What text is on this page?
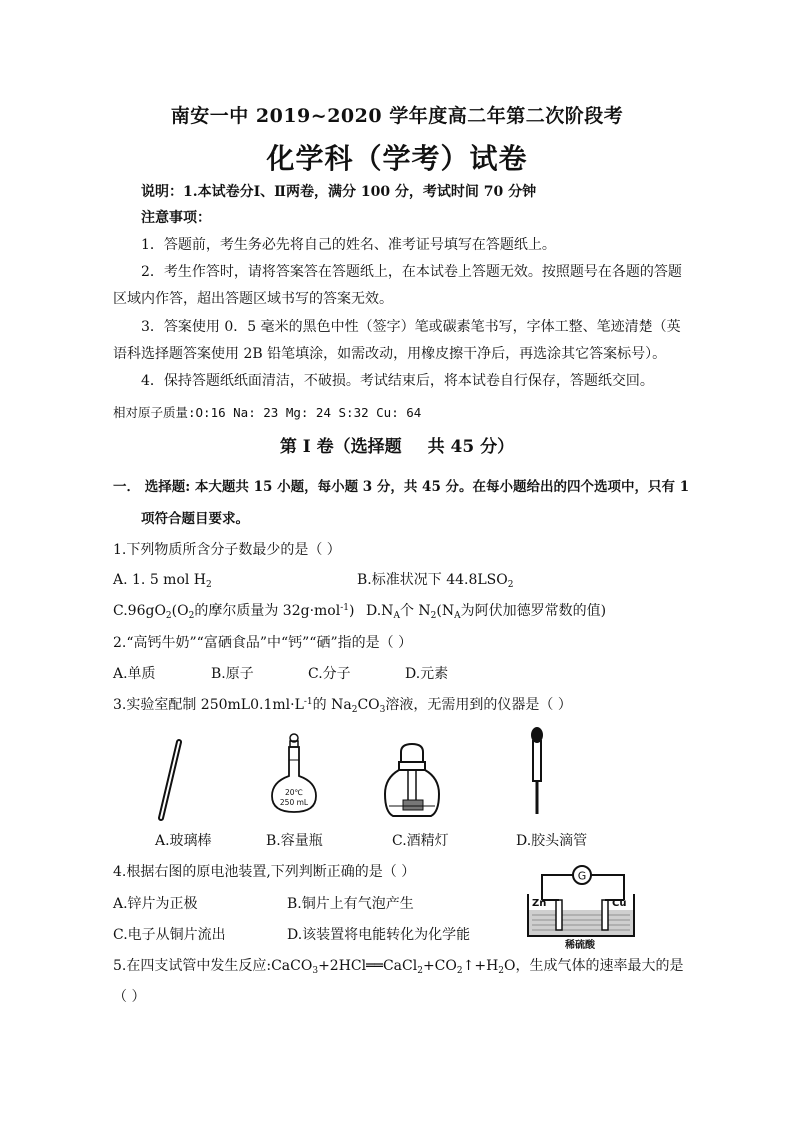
南安一中 2019~2020 学年度高二年第二次阶段考
化学科（学考）试卷
说明：1.本试卷分Ⅰ、Ⅱ两卷，满分 100 分，考试时间 70 分钟
注意事项：
1．答题前，考生务必先将自己的姓名、准考证号填写在答题纸上。
2．考生作答时，请将答案答在答题纸上，在本试卷上答题无效。按照题号在各题的答题
区域内作答，超出答题区域书写的答案无效。
3．答案使用 0．5 毫米的黑色中性（签字）笔或碳素笔书写，字体工整、笔迹清楚（英
语科选择题答案使用 2B 铅笔填涂，如需改动，用橡皮擦干净后，再选涂其它答案标号）。
4．保持答题纸纸面清洁，不破损。考试结束后，将本试卷自行保存，答题纸交回。
相对原子质量:O:16 Na: 23 Mg: 24 S:32 Cu: 64
第 I 卷（选择题 共 45 分）
一． 选择题: 本大题共 15 小题，每小题 3 分，共 45 分。在每小题给出的四个选项中，只有 1
项符合题目要求。
1.下列物质所含分子数最少的是（ ）
A. 1. 5 mol $H_2$	B.标准状况下 $44.8LSO_2$
$C.96gO_2(O_2$的摩尔质量为 32g·mol$^{-1}$) $D.N_A$个 $N_2(N_A$为阿伏加德罗常数的值)
2.“高钙牛奶”“富硒食品”中“钙”“硒”指的是（ ）
A.单质	B.原子	C.分子	D.元素
3.实验室配制 $250mL0.1ml\cdot L^{-1}$的 $Na_2CO_3$溶液，无需用到的仪器是（ ）
20℃
250 mL
A.玻璃棒	B.容量瓶	C.酒精灯	D.胶头滴管
4.根据右图的原电池装置,下列判断正确的是（ ）
A.锌片为正极	B.铜片上有气泡产生
C.电子从铜片流出	D.该装置将电能转化为化学能
G
Zn	Cu
稀硫酸
5.在四支试管中发生反应$:CaCO_3+2HCl══CaCl_2+CO_2↑+H_2O$，生成气体的速率最大的是
（ ）
